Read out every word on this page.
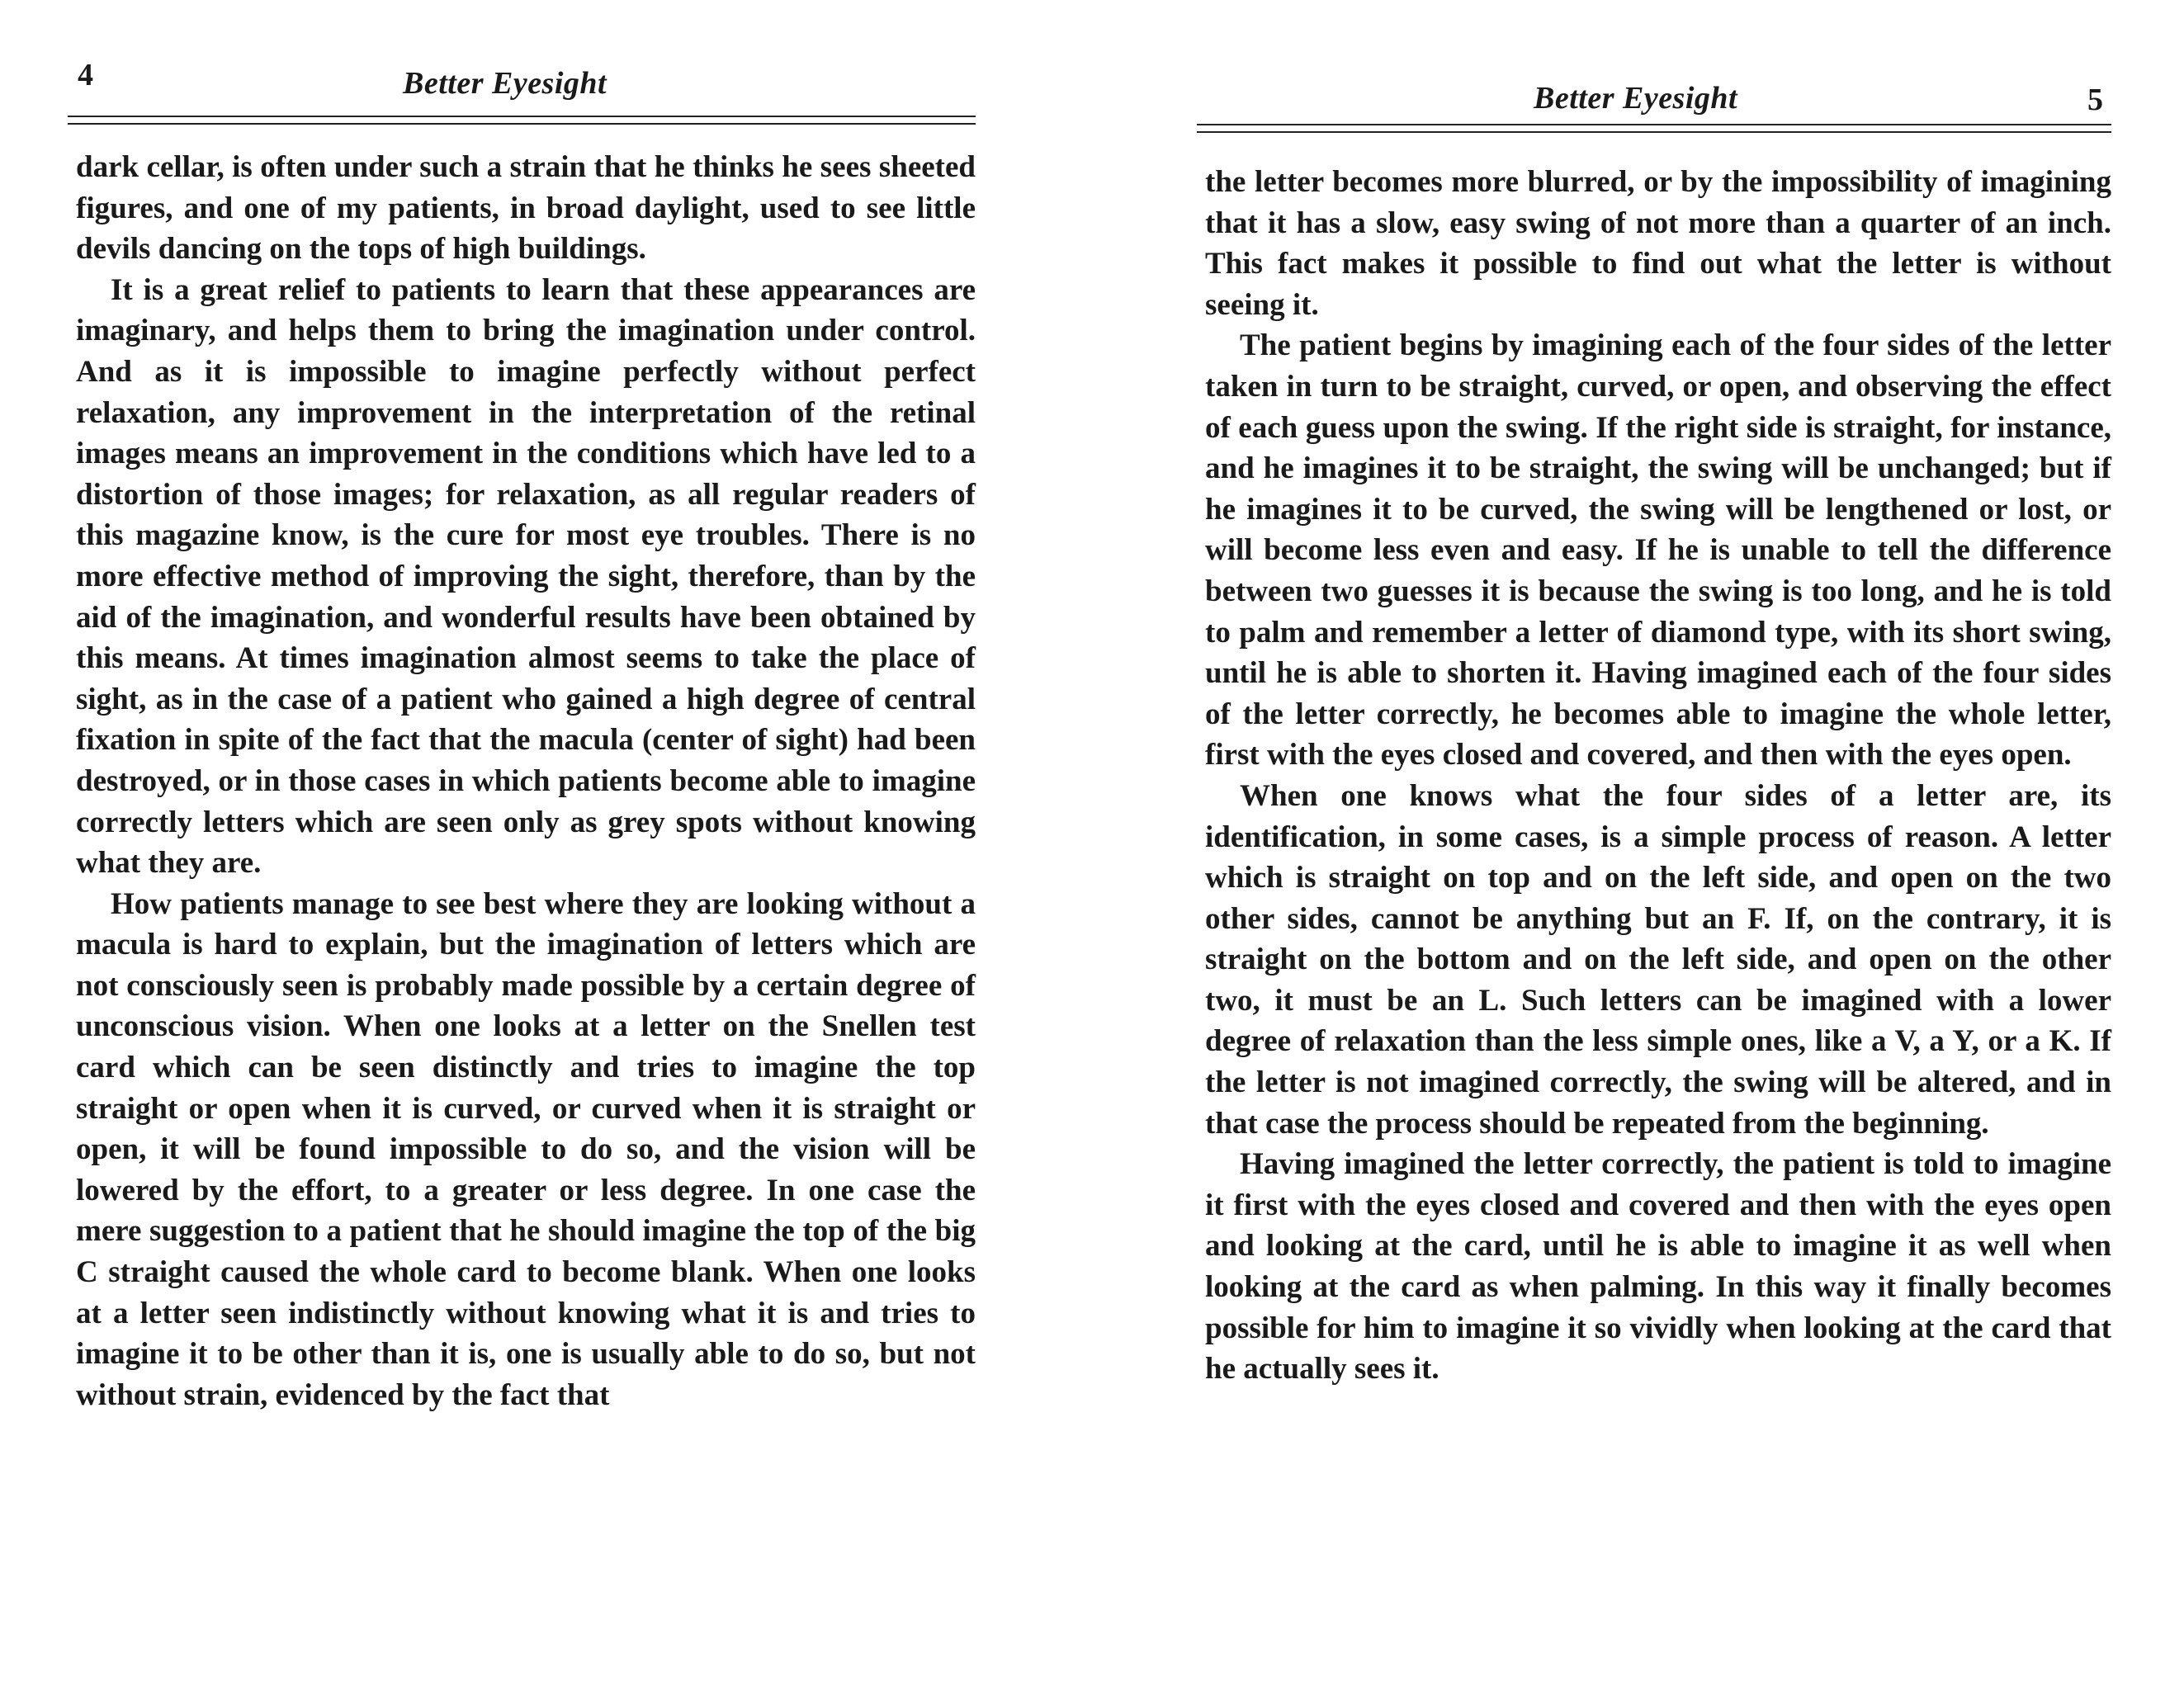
4	Better Eyesight

dark cellar, is often under such a strain that he thinks he sees sheeted figures, and one of my patients, in broad daylight, used to see little devils dancing on the tops of high buildings.

It is a great relief to patients to learn that these appearances are imaginary, and helps them to bring the imagination under control. And as it is impossible to imagine perfectly without perfect relaxation, any improvement in the interpretation of the retinal images means an improvement in the conditions which have led to a distortion of those images; for relaxation, as all regular readers of this magazine know, is the cure for most eye troubles. There is no more effective method of improving the sight, therefore, than by the aid of the imagination, and wonderful results have been obtained by this means. At times imagination almost seems to take the place of sight, as in the case of a patient who gained a high degree of central fixation in spite of the fact that the macula (center of sight) had been destroyed, or in those cases in which patients become able to imagine correctly letters which are seen only as grey spots without knowing what they are.

How patients manage to see best where they are looking without a macula is hard to explain, but the imagination of letters which are not consciously seen is probably made possible by a certain degree of unconscious vision. When one looks at a letter on the Snellen test card which can be seen distinctly and tries to imagine the top straight or open when it is curved, or curved when it is straight or open, it will be found impossible to do so, and the vision will be lowered by the effort, to a greater or less degree. In one case the mere suggestion to a patient that he should imagine the top of the big C straight caused the whole card to become blank. When one looks at a letter seen indistinctly without knowing what it is and tries to imagine it to be other than it is, one is usually able to do so, but not without strain, evidenced by the fact that

Better Eyesight	5

the letter becomes more blurred, or by the impossibility of imagining that it has a slow, easy swing of not more than a quarter of an inch. This fact makes it possible to find out what the letter is without seeing it.

The patient begins by imagining each of the four sides of the letter taken in turn to be straight, curved, or open, and observing the effect of each guess upon the swing. If the right side is straight, for instance, and he imagines it to be straight, the swing will be unchanged; but if he imagines it to be curved, the swing will be lengthened or lost, or will become less even and easy. If he is unable to tell the difference between two guesses it is because the swing is too long, and he is told to palm and remember a letter of diamond type, with its short swing, until he is able to shorten it. Having imagined each of the four sides of the letter correctly, he becomes able to imagine the whole letter, first with the eyes closed and covered, and then with the eyes open.

When one knows what the four sides of a letter are, its identification, in some cases, is a simple process of reason. A letter which is straight on top and on the left side, and open on the two other sides, cannot be anything but an F. If, on the contrary, it is straight on the bottom and on the left side, and open on the other two, it must be an L. Such letters can be imagined with a lower degree of relaxation than the less simple ones, like a V, a Y, or a K. If the letter is not imagined correctly, the swing will be altered, and in that case the process should be repeated from the beginning.

Having imagined the letter correctly, the patient is told to imagine it first with the eyes closed and covered and then with the eyes open and looking at the card, until he is able to imagine it as well when looking at the card as when palming. In this way it finally becomes possible for him to imagine it so vividly when looking at the card that he actually sees it.
